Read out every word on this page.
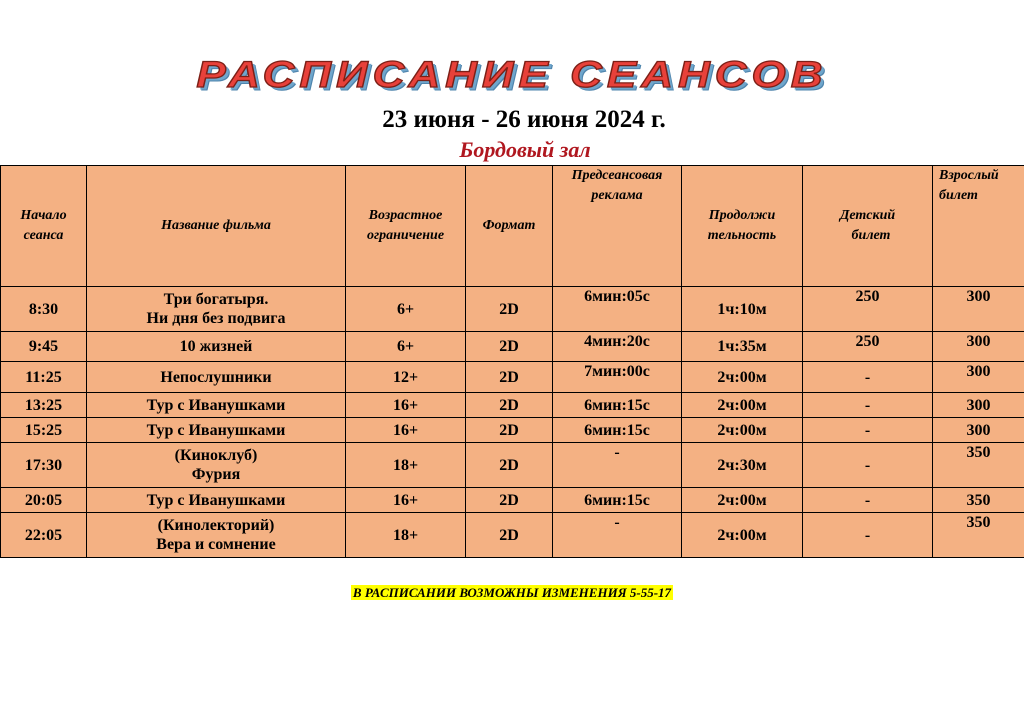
РАСПИСАНИЕ СЕАНСОВ
23 июня - 26 июня 2024 г.
Бордовый зал
Начало
сеанса	Название фильма	Возрастное
ограничение	Формат	Предсеансовая
реклама	Продолжи
тельность	Детский
билет	Взрослый
билет
8:30	Три богатыря.
Ни дня без подвига	6+	2D	6мин:05с	1ч:10м	250	300
9:45	10 жизней	6+	2D	4мин:20с	1ч:35м	250	300
11:25	Непослушники	12+	2D	7мин:00с	2ч:00м	-	300
13:25	Тур с Иванушками	16+	2D	6мин:15с	2ч:00м	-	300
15:25	Тур с Иванушками	16+	2D	6мин:15с	2ч:00м	-	300
17:30	(Киноклуб)
Фурия	18+	2D	-	2ч:30м	-	350
20:05	Тур с Иванушками	16+	2D	6мин:15с	2ч:00м	-	350
22:05	(Кинолекторий)
Вера и сомнение	18+	2D	-	2ч:00м	-	350
В РАСПИСАНИИ ВОЗМОЖНЫ ИЗМЕНЕНИЯ 5-55-17
